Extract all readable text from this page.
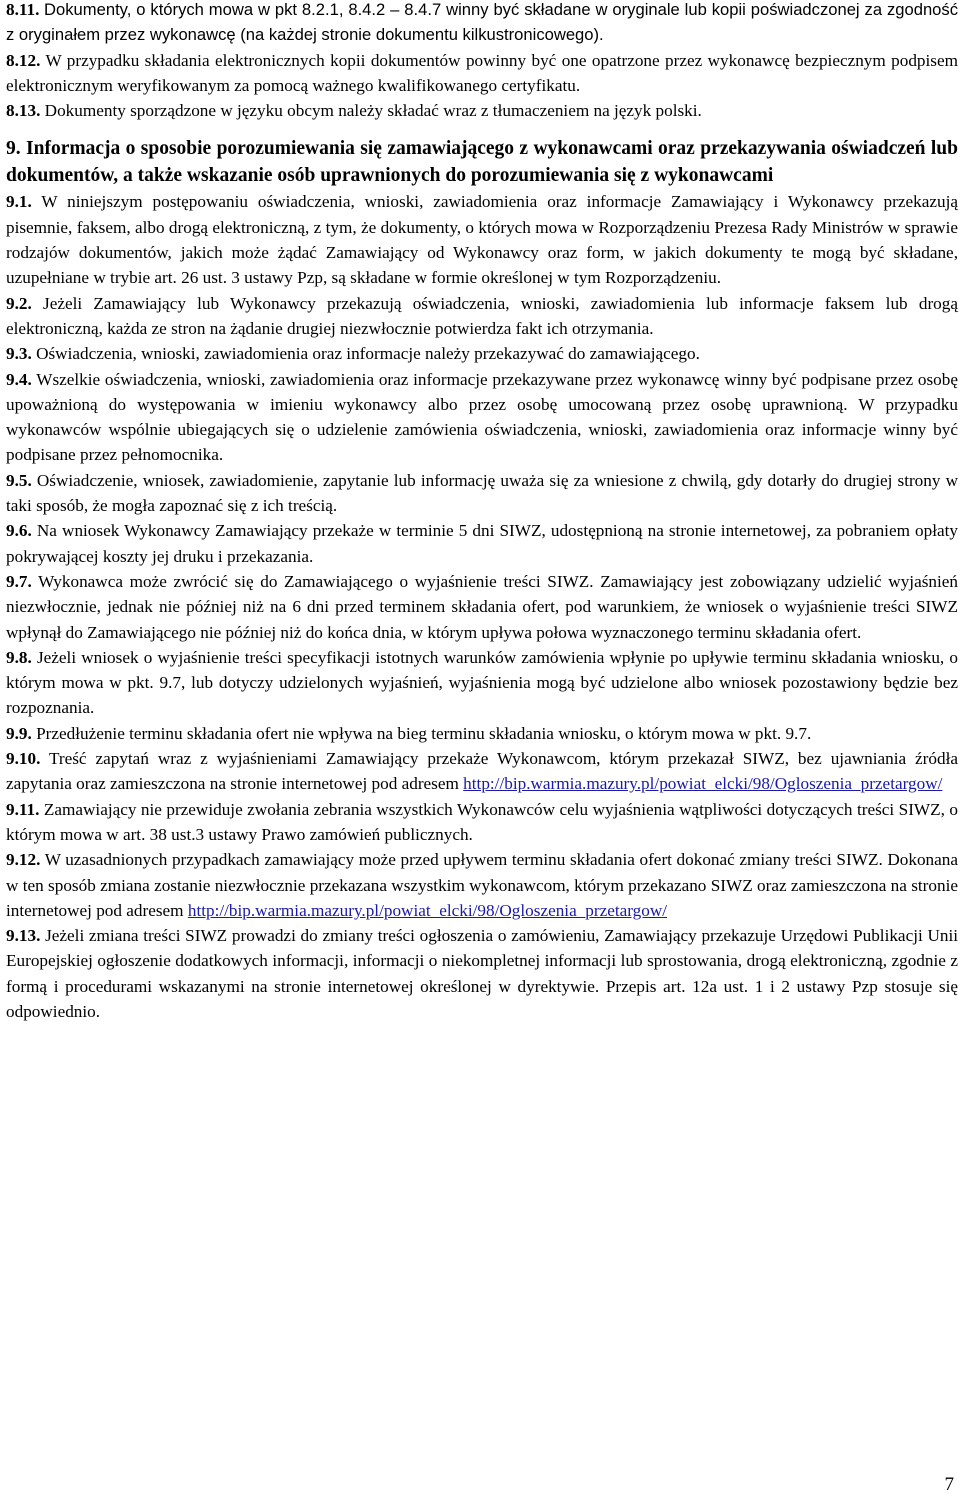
8.11. Dokumenty, o których mowa w pkt 8.2.1, 8.4.2 – 8.4.7 winny być składane w oryginale lub kopii poświadczonej za zgodność z oryginałem przez wykonawcę (na każdej stronie dokumentu kilkustronicowego).

8.12. W przypadku składania elektronicznych kopii dokumentów powinny być one opatrzone przez wykonawcę bezpiecznym podpisem elektronicznym weryfikowanym za pomocą ważnego kwalifikowanego certyfikatu.

8.13. Dokumenty sporządzone w języku obcym należy składać wraz z tłumaczeniem na język polski.

9. Informacja o sposobie porozumiewania się zamawiającego z wykonawcami oraz przekazywania oświadczeń lub dokumentów, a także wskazanie osób uprawnionych do porozumiewania się z wykonawcami

9.1. W niniejszym postępowaniu oświadczenia, wnioski, zawiadomienia oraz informacje Zamawiający i Wykonawcy przekazują pisemnie, faksem, albo drogą elektroniczną, z tym, że dokumenty, o których mowa w Rozporządzeniu Prezesa Rady Ministrów w sprawie rodzajów dokumentów, jakich może żądać Zamawiający od Wykonawcy oraz form, w jakich dokumenty te mogą być składane, uzupełniane w trybie art. 26 ust. 3 ustawy Pzp, są składane w formie określonej w tym Rozporządzeniu.

9.2. Jeżeli Zamawiający lub Wykonawcy przekazują oświadczenia, wnioski, zawiadomienia lub informacje faksem lub drogą elektroniczną, każda ze stron na żądanie drugiej niezwłocznie potwierdza fakt ich otrzymania.

9.3. Oświadczenia, wnioski, zawiadomienia oraz informacje należy przekazywać do zamawiającego.

9.4. Wszelkie oświadczenia, wnioski, zawiadomienia oraz informacje przekazywane przez wykonawcę winny być podpisane przez osobę upoważnioną do występowania w imieniu wykonawcy albo przez osobę umocowaną przez osobę uprawnioną. W przypadku wykonawców wspólnie ubiegających się o udzielenie zamówienia oświadczenia, wnioski, zawiadomienia oraz informacje winny być podpisane przez pełnomocnika.

9.5. Oświadczenie, wniosek, zawiadomienie, zapytanie lub informację uważa się za wniesione z chwilą, gdy dotarły do drugiej strony w taki sposób, że mogła zapoznać się z ich treścią.

9.6. Na wniosek Wykonawcy Zamawiający przekaże w terminie 5 dni SIWZ, udostępnioną na stronie internetowej, za pobraniem opłaty pokrywającej koszty jej druku i przekazania.

9.7. Wykonawca może zwrócić się do Zamawiającego o wyjaśnienie treści SIWZ. Zamawiający jest zobowiązany udzielić wyjaśnień niezwłocznie, jednak nie później niż na 6 dni przed terminem składania ofert, pod warunkiem, że wniosek o wyjaśnienie treści SIWZ wpłynął do Zamawiającego nie później niż do końca dnia, w którym upływa połowa wyznaczonego terminu składania ofert.

9.8. Jeżeli wniosek o wyjaśnienie treści specyfikacji istotnych warunków zamówienia wpłynie po upływie terminu składania wniosku, o którym mowa w pkt. 9.7, lub dotyczy udzielonych wyjaśnień, wyjaśnienia mogą być udzielone albo wniosek pozostawiony będzie bez rozpoznania.

9.9. Przedłużenie terminu składania ofert nie wpływa na bieg terminu składania wniosku, o którym mowa w pkt. 9.7.

9.10. Treść zapytań wraz z wyjaśnieniami Zamawiający przekaże Wykonawcom, którym przekazał SIWZ, bez ujawniania źródła zapytania oraz zamieszczona na stronie internetowej pod adresem http://bip.warmia.mazury.pl/powiat_elcki/98/Ogloszenia_przetargow/

9.11. Zamawiający nie przewiduje zwołania zebrania wszystkich Wykonawców celu wyjaśnienia wątpliwości dotyczących treści SIWZ, o którym mowa w art. 38 ust.3 ustawy Prawo zamówień publicznych.

9.12. W uzasadnionych przypadkach zamawiający może przed upływem terminu składania ofert dokonać zmiany treści SIWZ. Dokonana w ten sposób zmiana zostanie niezwłocznie przekazana wszystkim wykonawcom, którym przekazano SIWZ oraz zamieszczona na stronie internetowej pod adresem http://bip.warmia.mazury.pl/powiat_elcki/98/Ogloszenia_przetargow/

9.13. Jeżeli zmiana treści SIWZ prowadzi do zmiany treści ogłoszenia o zamówieniu, Zamawiający przekazuje Urzędowi Publikacji Unii Europejskiej ogłoszenie dodatkowych informacji, informacji o niekompletnej informacji lub sprostowania, drogą elektroniczną, zgodnie z formą i procedurami wskazanymi na stronie internetowej określonej w dyrektywie. Przepis art. 12a ust. 1 i 2 ustawy Pzp stosuje się odpowiednio.

7
